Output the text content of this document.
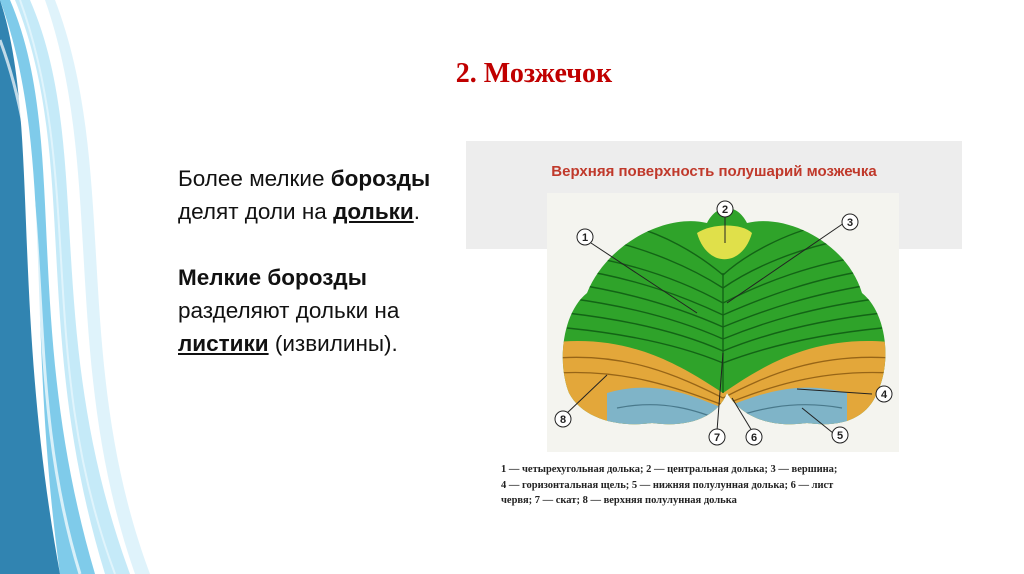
2. Мозжечок

Более мелкие борозды делят доли на дольки.

Мелкие борозды разделяют дольки на листики (извилины).

Верхняя поверхность полушарий мозжечка
1
2
3
4
5
6
7
8
1 — четырехугольная долька; 2 — центральная долька; 3 — вершина;
4 — горизонтальная щель; 5 — нижняя полулунная долька; 6 — лист
червя; 7 — скат; 8 — верхняя полулунная долька
